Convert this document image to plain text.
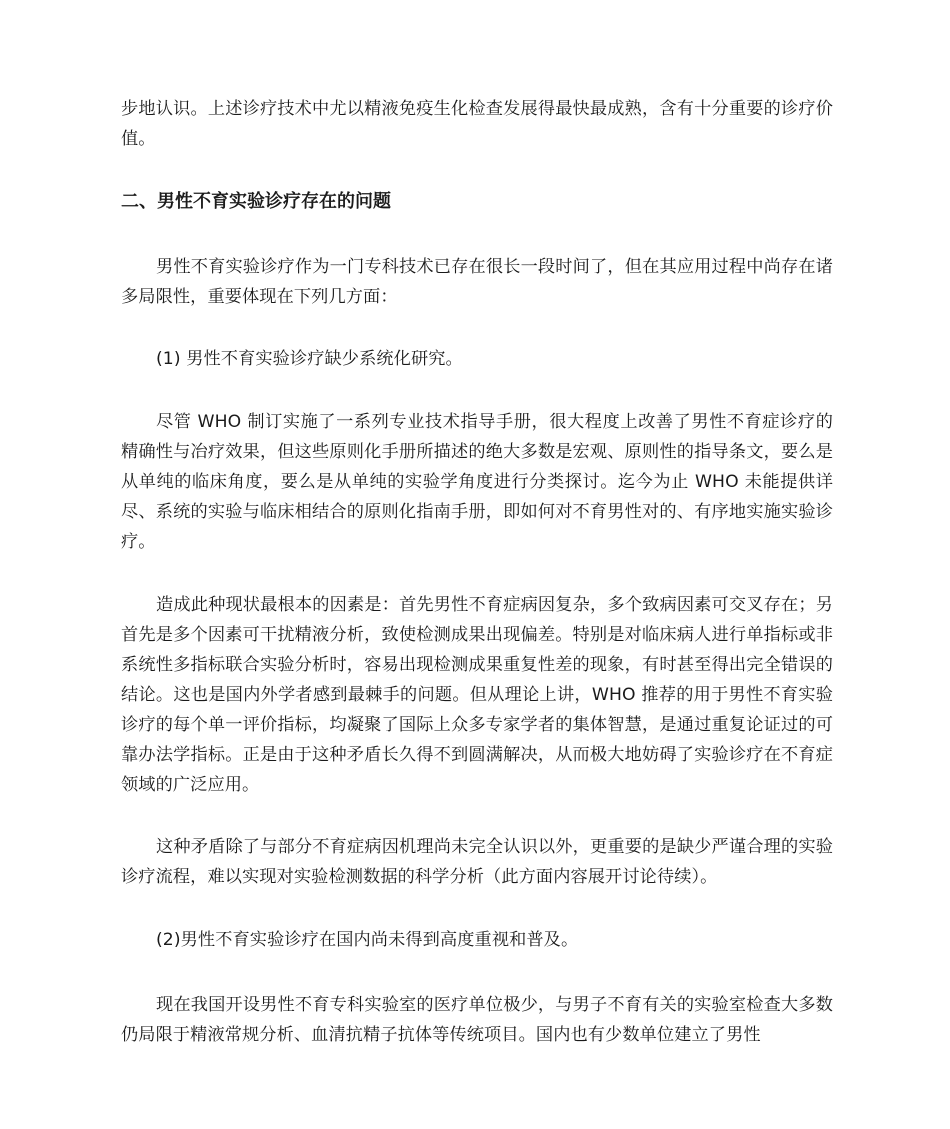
步地认识。上述诊疗技术中尤以精液免疫生化检查发展得最快最成熟，含有十分重要的诊疗价值。

二、男性不育实验诊疗存在的问题

男性不育实验诊疗作为一门专科技术已存在很长一段时间了，但在其应用过程中尚存在诸多局限性，重要体现在下列几方面：

(1) 男性不育实验诊疗缺少系统化研究。

尽管 WHO 制订实施了一系列专业技术指导手册，很大程度上改善了男性不育症诊疗的精确性与冶疗效果，但这些原则化手册所描述的绝大多数是宏观、原则性的指导条文，要么是从单纯的临床角度，要么是从单纯的实验学角度进行分类探讨。迄今为止 WHO 未能提供详尽、系统的实验与临床相结合的原则化指南手册，即如何对不育男性对的、有序地实施实验诊疗。

造成此种现状最根本的因素是：首先男性不育症病因复杂，多个致病因素可交叉存在；另首先是多个因素可干扰精液分析，致使检测成果出现偏差。特别是对临床病人进行单指标或非系统性多指标联合实验分析时，容易出现检测成果重复性差的现象，有时甚至得出完全错误的结论。这也是国内外学者感到最棘手的问题。但从理论上讲，WHO 推荐的用于男性不育实验诊疗的每个单一评价指标，均凝聚了国际上众多专家学者的集体智慧，是通过重复论证过的可靠办法学指标。正是由于这种矛盾长久得不到圆满解决，从而极大地妨碍了实验诊疗在不育症领域的广泛应用。

这种矛盾除了与部分不育症病因机理尚未完全认识以外，更重要的是缺少严谨合理的实验诊疗流程，难以实现对实验检测数据的科学分析（此方面内容展开讨论待续）。

(2)男性不育实验诊疗在国内尚未得到高度重视和普及。

现在我国开设男性不育专科实验室的医疗单位极少，与男子不育有关的实验室检查大多数仍局限于精液常规分析、血清抗精子抗体等传统项目。国内也有少数单位建立了男性
